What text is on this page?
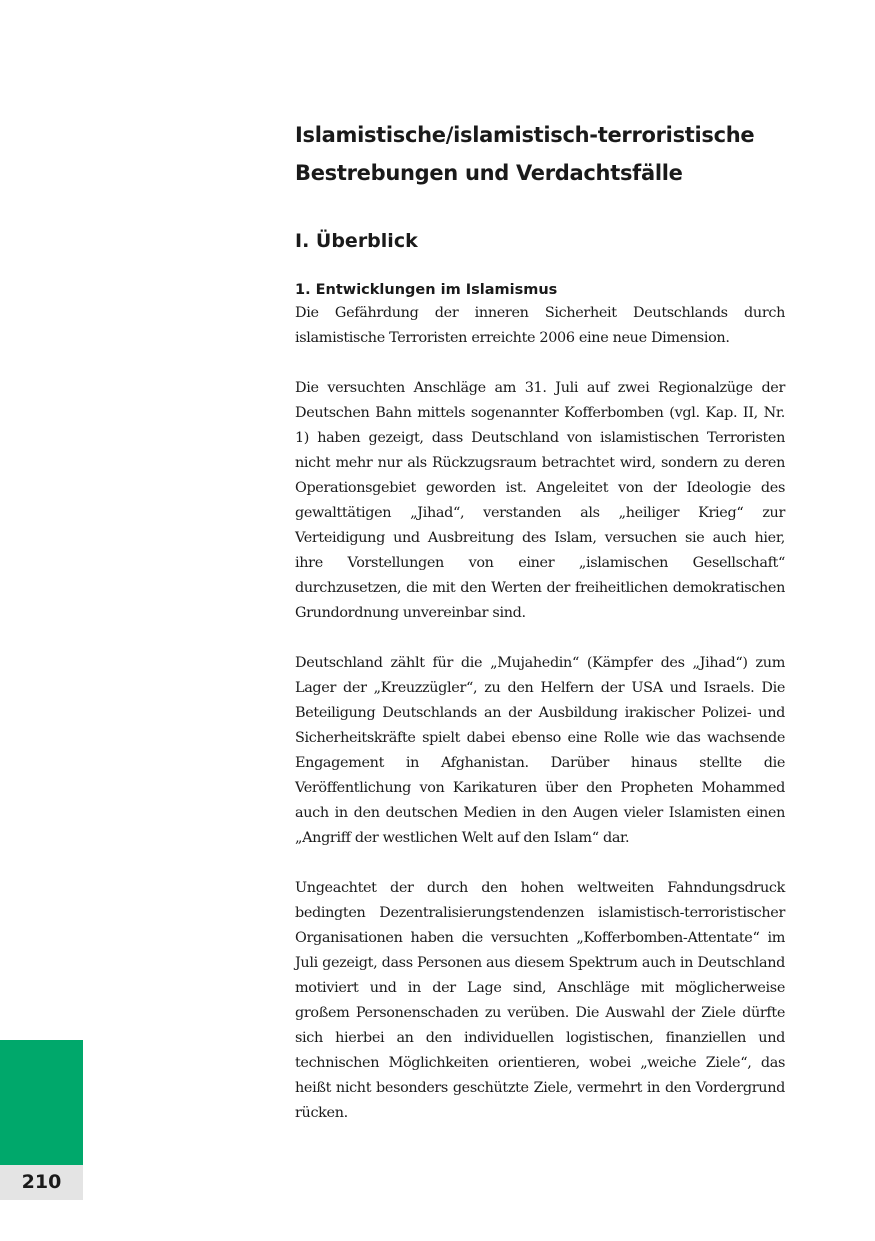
Islamistische/islamistisch-terroristische
Bestrebungen und Verdachtsfälle
I. Überblick
1. Entwicklungen im Islamismus

Die Gefährdung der inneren Sicherheit Deutschlands durch islamistische Terroristen erreichte 2006 eine neue Dimension.

Die versuchten Anschläge am 31. Juli auf zwei Regionalzüge der Deutschen Bahn mittels sogenannter Kofferbomben (vgl. Kap. II, Nr. 1) haben gezeigt, dass Deutschland von islamistischen Terroristen nicht mehr nur als Rückzugsraum betrachtet wird, sondern zu deren Operationsgebiet geworden ist. Angeleitet von der Ideologie des gewalttätigen „Jihad“, verstanden als „heiliger Krieg“ zur Verteidigung und Ausbreitung des Islam, versuchen sie auch hier, ihre Vorstellungen von einer „islamischen Gesellschaft“ durchzusetzen, die mit den Werten der freiheitlichen demokratischen Grundordnung unvereinbar sind.

Deutschland zählt für die „Mujahedin“ (Kämpfer des „Jihad“) zum Lager der „Kreuzzügler“, zu den Helfern der USA und Israels. Die Beteiligung Deutschlands an der Ausbildung irakischer Polizei- und Sicherheitskräfte spielt dabei ebenso eine Rolle wie das wachsende Engagement in Afghanistan. Darüber hinaus stellte die Veröffentlichung von Karikaturen über den Propheten Mohammed auch in den deutschen Medien in den Augen vieler Islamisten einen „Angriff der westlichen Welt auf den Islam“ dar.

Ungeachtet der durch den hohen weltweiten Fahndungsdruck bedingten Dezentralisierungstendenzen islamistisch-terroristischer Organisationen haben die versuchten „Kofferbomben-Attentate“ im Juli gezeigt, dass Personen aus diesem Spektrum auch in Deutschland motiviert und in der Lage sind, Anschläge mit möglicherweise großem Personenschaden zu verüben. Die Auswahl der Ziele dürfte sich hierbei an den individuellen logistischen, finanziellen und technischen Möglichkeiten orientieren, wobei „weiche Ziele“, das heißt nicht besonders geschützte Ziele, vermehrt in den Vordergrund rücken.

210
